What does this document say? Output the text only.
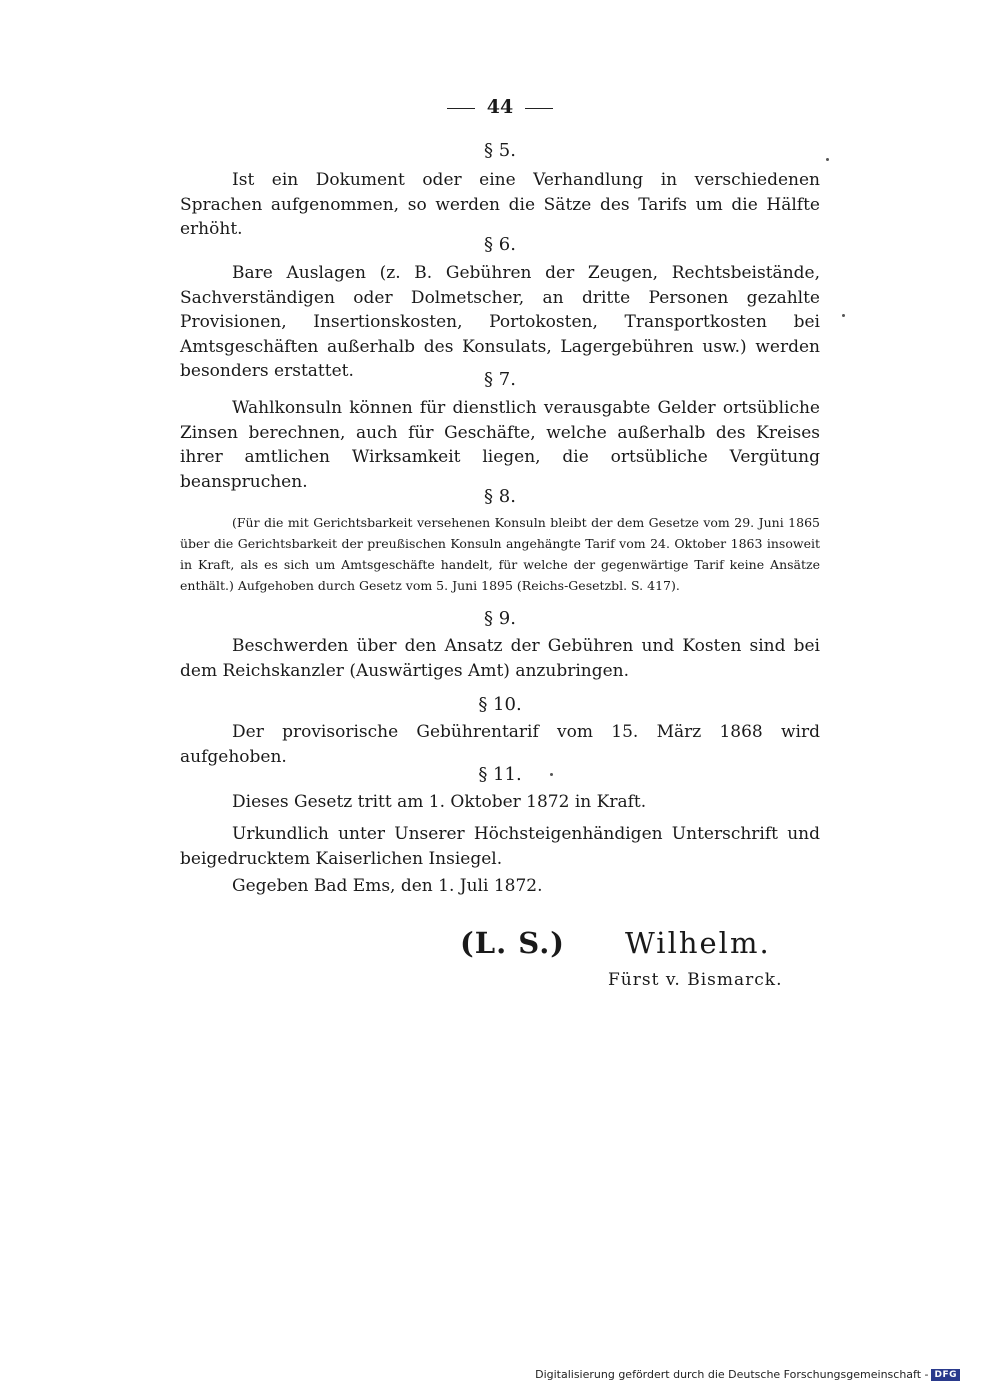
44
§ 5.
Ist ein Dokument oder eine Verhandlung in verschiedenen Sprachen aufgenommen, so werden die Sätze des Tarifs um die Hälfte erhöht.
§ 6.
Bare Auslagen (z. B. Gebühren der Zeugen, Rechtsbeistände, Sachverständigen oder Dolmetscher, an dritte Personen gezahlte Provisionen, Insertionskosten, Portokosten, Transportkosten bei Amtsgeschäften außerhalb des Konsulats, Lagergebühren usw.) werden besonders erstattet.	§ 7.
Wahlkonsuln können für dienstlich verausgabte Gelder ortsübliche Zinsen berechnen, auch für Geschäfte, welche außerhalb des Kreises ihrer amtlichen Wirksamkeit liegen, die ortsübliche Vergütung beanspruchen.
§ 8.
(Für die mit Gerichtsbarkeit versehenen Konsuln bleibt der dem Gesetze vom 29. Juni 1865 über die Gerichtsbarkeit der preußischen Konsuln angehängte Tarif vom 24. Oktober 1863 insoweit in Kraft, als es sich um Amtsgeschäfte handelt, für welche der gegenwärtige Tarif keine Ansätze enthält.) Aufgehoben durch Gesetz vom 5. Juni 1895 (Reichs-Gesetzbl. S. 417).
§ 9.
Beschwerden über den Ansatz der Gebühren und Kosten sind bei dem Reichskanzler (Auswärtiges Amt) anzubringen.
§ 10.
Der provisorische Gebührentarif vom 15. März 1868 wird aufgehoben.
§ 11.
Dieses Gesetz tritt am 1. Oktober 1872 in Kraft.
Urkundlich unter Unserer Höchsteigenhändigen Unterschrift und beigedrucktem Kaiserlichen Insiegel.
Gegeben Bad Ems, den 1. Juli 1872.
(L. S.) Wilhelm.
Fürst v. Bismarck.
Digitalisierung gefördert durch die Deutsche Forschungsgemeinschaft - DFG
